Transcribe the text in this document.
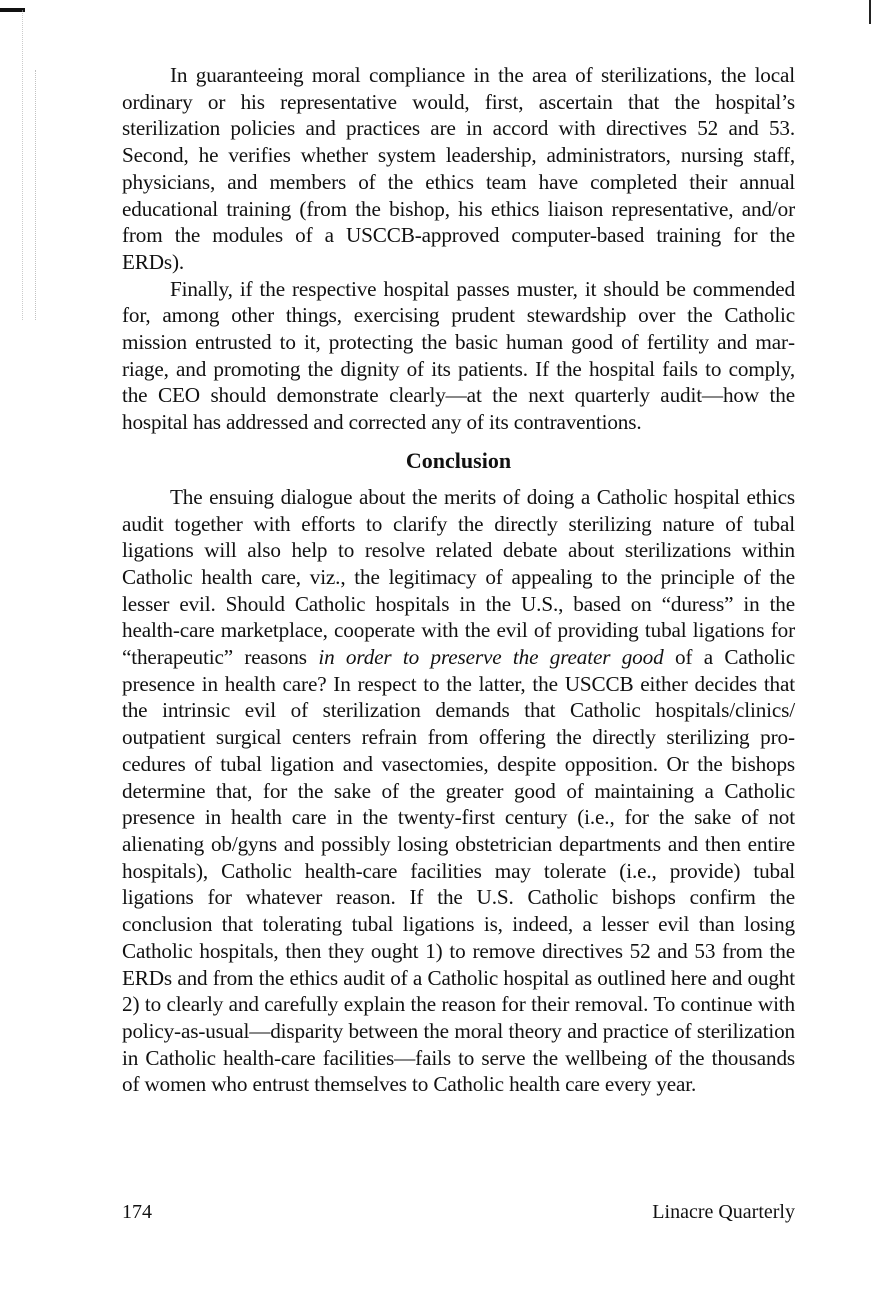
In guaranteeing moral compliance in the area of sterilizations, the local ordinary or his representative would, first, ascertain that the hospital’s sterilization policies and practices are in accord with directives 52 and 53. Second, he verifies whether system leadership, administrators, nursing staff, physicians, and members of the ethics team have completed their annual educational training (from the bishop, his ethics liaison representative, and/​or from the modules of a USCCB-approved computer-based training for the ERDs).

Finally, if the respective hospital passes muster, it should be commended for, among other things, exercising prudent stewardship over the Catholic mission entrusted to it, protecting the basic human good of fertility and marriage, and promoting the dignity of its patients. If the hospital fails to comply, the CEO should demonstrate clearly—at the next quarterly audit—how the hospital has addressed and corrected any of its contraventions.

Conclusion

The ensuing dialogue about the merits of doing a Catholic hospital ethics audit together with efforts to clarify the directly sterilizing nature of tubal ligations will also help to resolve related debate about sterilizations within Catholic health care, viz., the legitimacy of appealing to the principle of the lesser evil. Should Catholic hospitals in the U.S., based on “duress” in the health-care marketplace, cooperate with the evil of providing tubal ligations for “therapeutic” reasons in order to preserve the greater good of a Catholic presence in health care? In respect to the latter, the USCCB either decides that the intrinsic evil of sterilization demands that Catholic hospitals/clinics/​outpatient surgical centers refrain from offering the directly sterilizing procedures of tubal ligation and vasectomies, despite opposition. Or the bishops determine that, for the sake of the greater good of maintaining a Catholic presence in health care in the twenty-first century (i.e., for the sake of not alienating ob/gyns and possibly losing obstetrician departments and then entire hospitals), Catholic health-care facilities may tolerate (i.e., provide) tubal ligations for whatever reason. If the U.S. Catholic bishops confirm the conclusion that tolerating tubal ligations is, indeed, a lesser evil than losing Catholic hospitals, then they ought 1) to remove directives 52 and 53 from the ERDs and from the ethics audit of a Catholic hospital as outlined here and ought 2) to clearly and carefully explain the reason for their removal. To continue with policy-as-usual—disparity between the moral theory and practice of sterilization in Catholic health-care facilities—fails to serve the wellbeing of the thousands of women who entrust themselves to Catholic health care every year.

174	Linacre Quarterly
